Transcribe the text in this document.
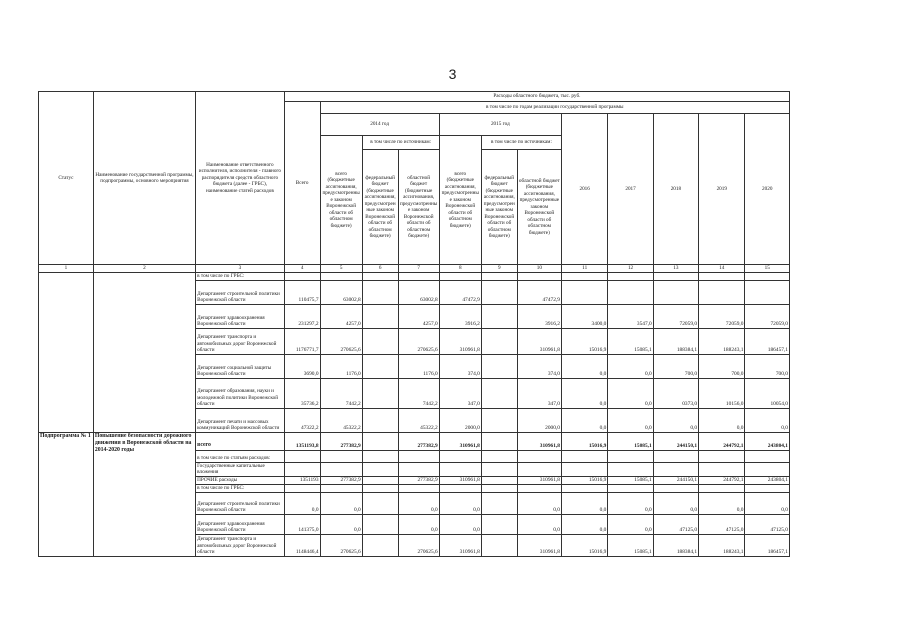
3
Статус	Наименование государственной программы, подпрограммы, основного мероприятия	Наименование ответственного исполнителя, исполнителя - главного распорядителя средств областного бюджета (далее - ГРБС), наименование статей расходов	Расходы областного бюджета, тыс. руб.											
			Всего	в том числе по годам реализации государственной программы										
				2014 год			2015 год			2016	2017	2018	2019	2020
				всего (бюджетные ассигнования, предусмотренные законом Воронежской области об областном бюджете)	в том числе по источникам:		всего (бюджетные ассигнования, предусмотренные законом Воронежской области об областном бюджете)	в том числе по источникам:						
					федеральный бюджет (бюджетные ассигнования, предусмотренные законом Воронежской области об областном бюджете)	областной бюджет (бюджетные ассигнования, предусмотренные законом Воронежской области об областном бюджете)		федеральный бюджет (бюджетные ассигнования, предусмотренные законом Воронежской области об областном бюджете)	областной бюджет (бюджетные ассигнования, предусмотренные законом Воронежской области об областном бюджете)					
1	2	3	4	5	6	7	8	9	10	11	12	13	14	15
		в том числе по ГРБС:												
		Департамент строительной политики Воронежской области	110475,7	63002,8		63002,8	47472,9		47472,9					
		Департамент здравоохранения Воронежской области	231297,2	4257,0		4257,0	3916,2		3916,2	3400,0	3547,0	72059,0	72059,0	72059,0
		Департамент транспорта и автомобильных дорог Воронежской области	1176771,7	270625,6		270625,6	310961,8		310961,8	15016,9	15085,1	188384,1	188243,1	186457,1
		Департамент социальной защиты Воронежской области	3690,0	1176,0		1176,0	374,0		374,0	0,0	0,0	700,0	700,0	700,0
		Департамент образования, науки и молодежной политики Воронежской области	35736,2	7442,2		7442,2	347,0		347,0	0,0	0,0	0373,0	10156,0	10054,0
		Департамент печати и массовых коммуникаций Воронежской области	47322,2	45322,2		45322,2	2000,0		2000,0	0,0	0,0	0,0	0,0	0,0
Подпрограмма № 1	Повышение безопасности дорожного движения в Воронежской области на 2014-2020 годы	всего	1351193,8	277382,9		277382,9	310961,8		310961,8	15016,9	15085,1	244150,1	244792,1	243804,1
		в том числе по статьям расходов:												
		Государственные капитальные вложения												
		ПРОЧИЕ расходы	1351193	277382,9		277382,9	310961,8		310961,8	15016,9	15085,1	244150,1	244792,1	243804,1
		в том числе по ГРБС:												
		Департамент строительной политики Воронежской области	0,0	0,0		0,0	0,0		0,0	0,0	0,0	0,0	0,0	0,0
		Департамент здравоохранения Воронежской области	141375,0	0,0		0,0	0,0		0,0	0,0	0,0	47125,0	47125,0	47125,0
		Департамент транспорта и автомобильных дорог Воронежской области	1148446,4	270625,6		270625,6	310961,8		310961,8	15016,9	15085,1	188384,1	188243,1	186457,1
